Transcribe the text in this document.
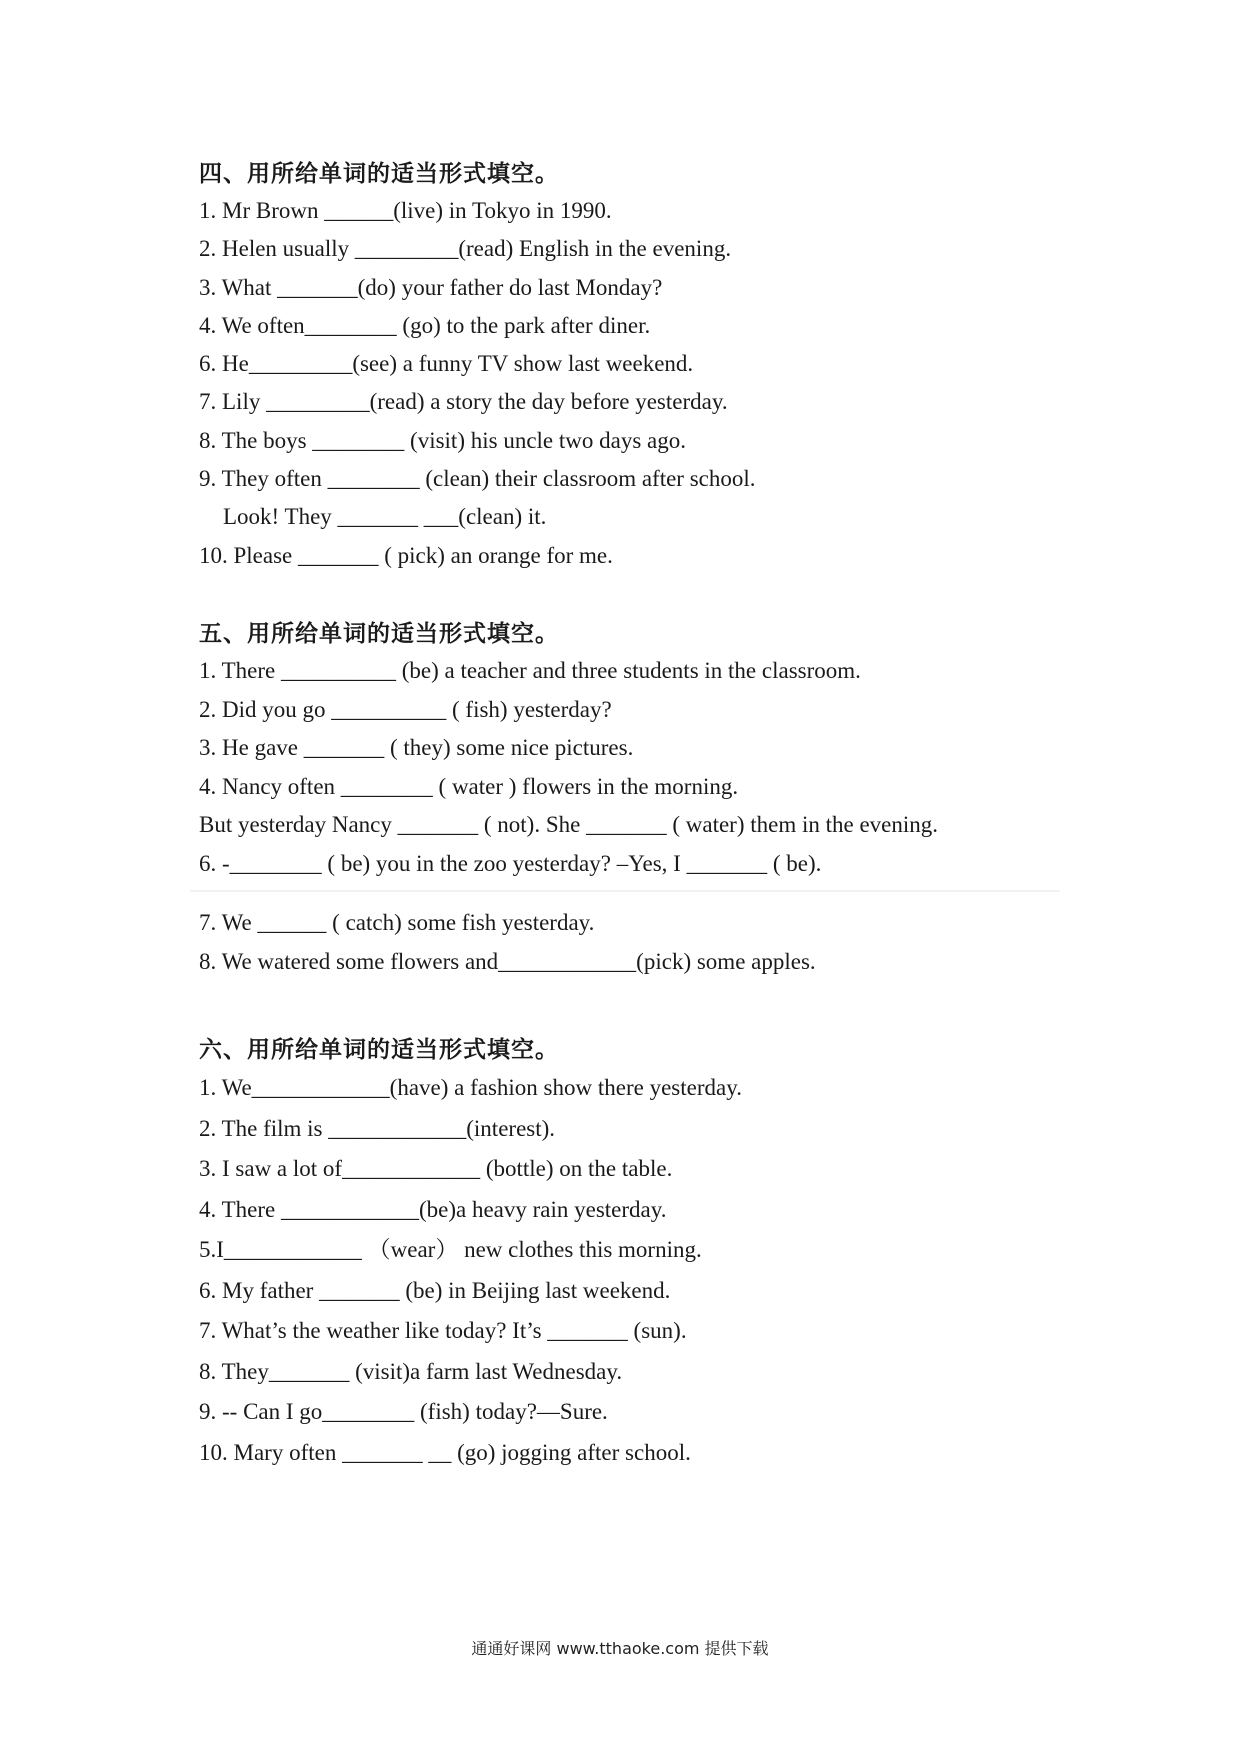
四、用所给单词的适当形式填空。
1. Mr Brown ______(live) in Tokyo in 1990.
2. Helen usually _________(read) English in the evening.
3. What _______(do) your father do last Monday?
4. We often________ (go) to the park after diner.
6. He_________(see) a funny TV show last weekend.
7. Lily _________(read) a story the day before yesterday.
8. The boys ________ (visit) his uncle two days ago.
9. They often ________ (clean) their classroom after school.
Look! They _______ ___(clean) it.
10. Please _______ ( pick) an orange for me.
五、用所给单词的适当形式填空。
1. There __________ (be) a teacher and three students in the classroom.
2. Did you go __________ ( fish) yesterday?
3. He gave _______ ( they) some nice pictures.
4. Nancy often ________ ( water ) flowers in the morning.
But yesterday Nancy _______ ( not). She _______ ( water) them in the evening.
6. -________ ( be) you in the zoo yesterday? –Yes, I _______ ( be).
7. We ______ ( catch) some fish yesterday.
8. We watered some flowers and____________(pick) some apples.
六、用所给单词的适当形式填空。
1. We____________(have) a fashion show there yesterday.
2. The film is ____________(interest).
3. I saw a lot of____________ (bottle) on the table.
4. There ____________(be)a heavy rain yesterday.
5.I____________ （wear） new clothes this morning.
6. My father _______ (be) in Beijing last weekend.
7. What’s the weather like today? It’s _______ (sun).
8. They_______ (visit)a farm last Wednesday.
9. -- Can I go________ (fish) today?—Sure.
10. Mary often _______ __ (go) jogging after school.
通通好课网 www.tthaoke.com 提供下载
